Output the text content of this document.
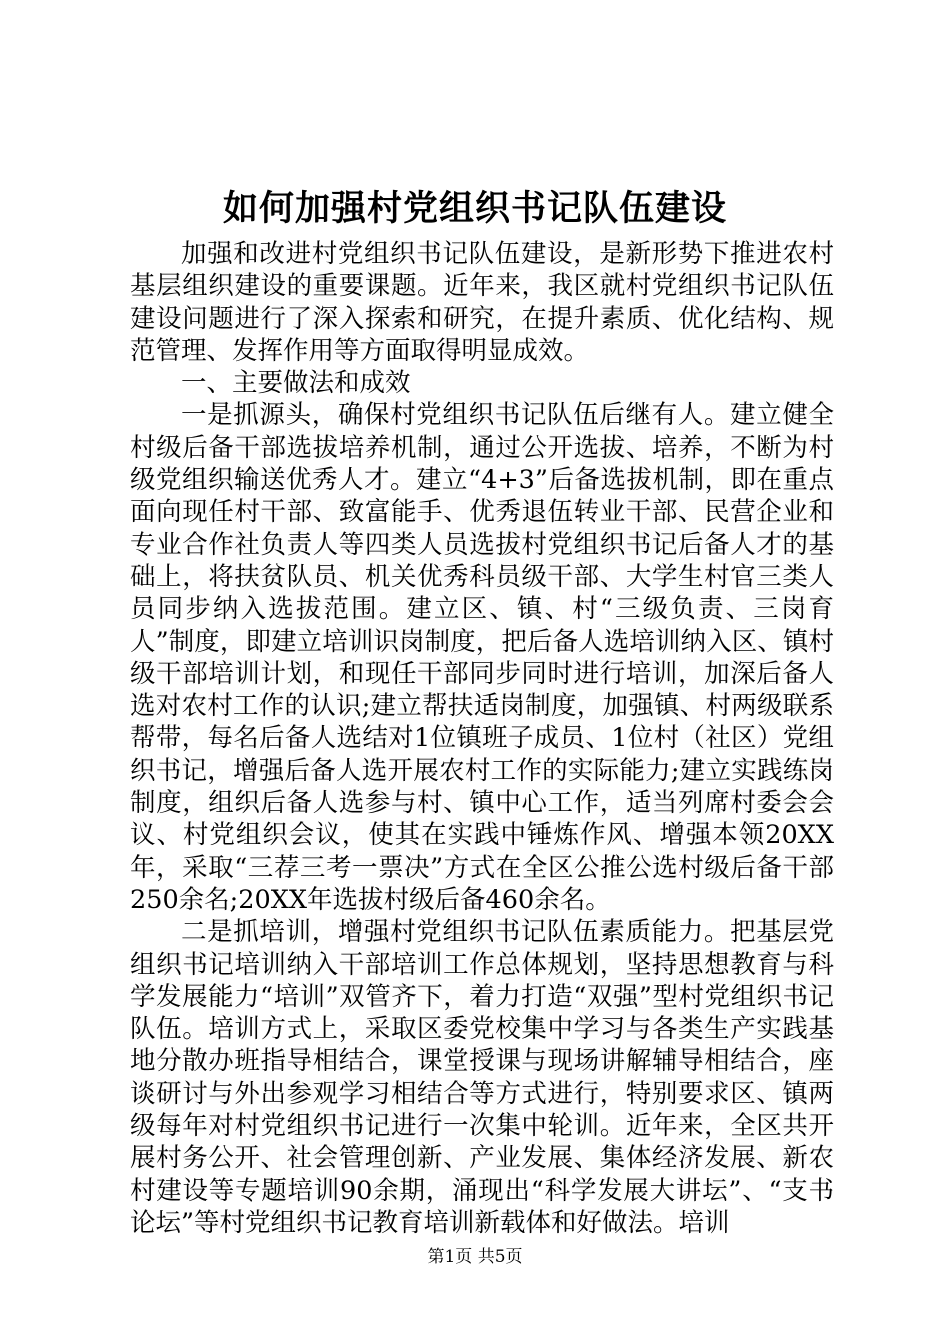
如何加强村党组织书记队伍建设

加强和改进村党组织书记队伍建设，是新形势下推进农村基层组织建设的重要课题。近年来，我区就村党组织书记队伍建设问题进行了深入探索和研究，在提升素质、优化结构、规范管理、发挥作用等方面取得明显成效。

一、主要做法和成效

一是抓源头，确保村党组织书记队伍后继有人。建立健全村级后备干部选拔培养机制，通过公开选拔、培养，不断为村级党组织输送优秀人才。建立“4+3”后备选拔机制，即在重点面向现任村干部、致富能手、优秀退伍转业干部、民营企业和专业合作社负责人等四类人员选拔村党组织书记后备人才的基础上，将扶贫队员、机关优秀科员级干部、大学生村官三类人员同步纳入选拔范围。建立区、镇、村“三级负责、三岗育人”制度，即建立培训识岗制度，把后备人选培训纳入区、镇村级干部培训计划，和现任干部同步同时进行培训，加深后备人选对农村工作的认识;建立帮扶适岗制度，加强镇、村两级联系帮带，每名后备人选结对1位镇班子成员、1位村（社区）党组织书记，增强后备人选开展农村工作的实际能力;建立实践练岗制度，组织后备人选参与村、镇中心工作，适当列席村委会会议、村党组织会议，使其在实践中锤炼作风、增强本领20XX年，采取“三荐三考一票决”方式在全区公推公选村级后备干部250余名;20XX年选拔村级后备460余名。

二是抓培训，增强村党组织书记队伍素质能力。把基层党组织书记培训纳入干部培训工作总体规划，坚持思想教育与科学发展能力“培训”双管齐下，着力打造“双强”型村党组织书记队伍。培训方式上，采取区委党校集中学习与各类生产实践基地分散办班指导相结合，课堂授课与现场讲解辅导相结合，座谈研讨与外出参观学习相结合等方式进行，特别要求区、镇两级每年对村党组织书记进行一次集中轮训。近年来，全区共开展村务公开、社会管理创新、产业发展、集体经济发展、新农村建设等专题培训90余期，涌现出“科学发展大讲坛”、“支书论坛”等村党组织书记教育培训新载体和好做法。培训

第1页 共5页
